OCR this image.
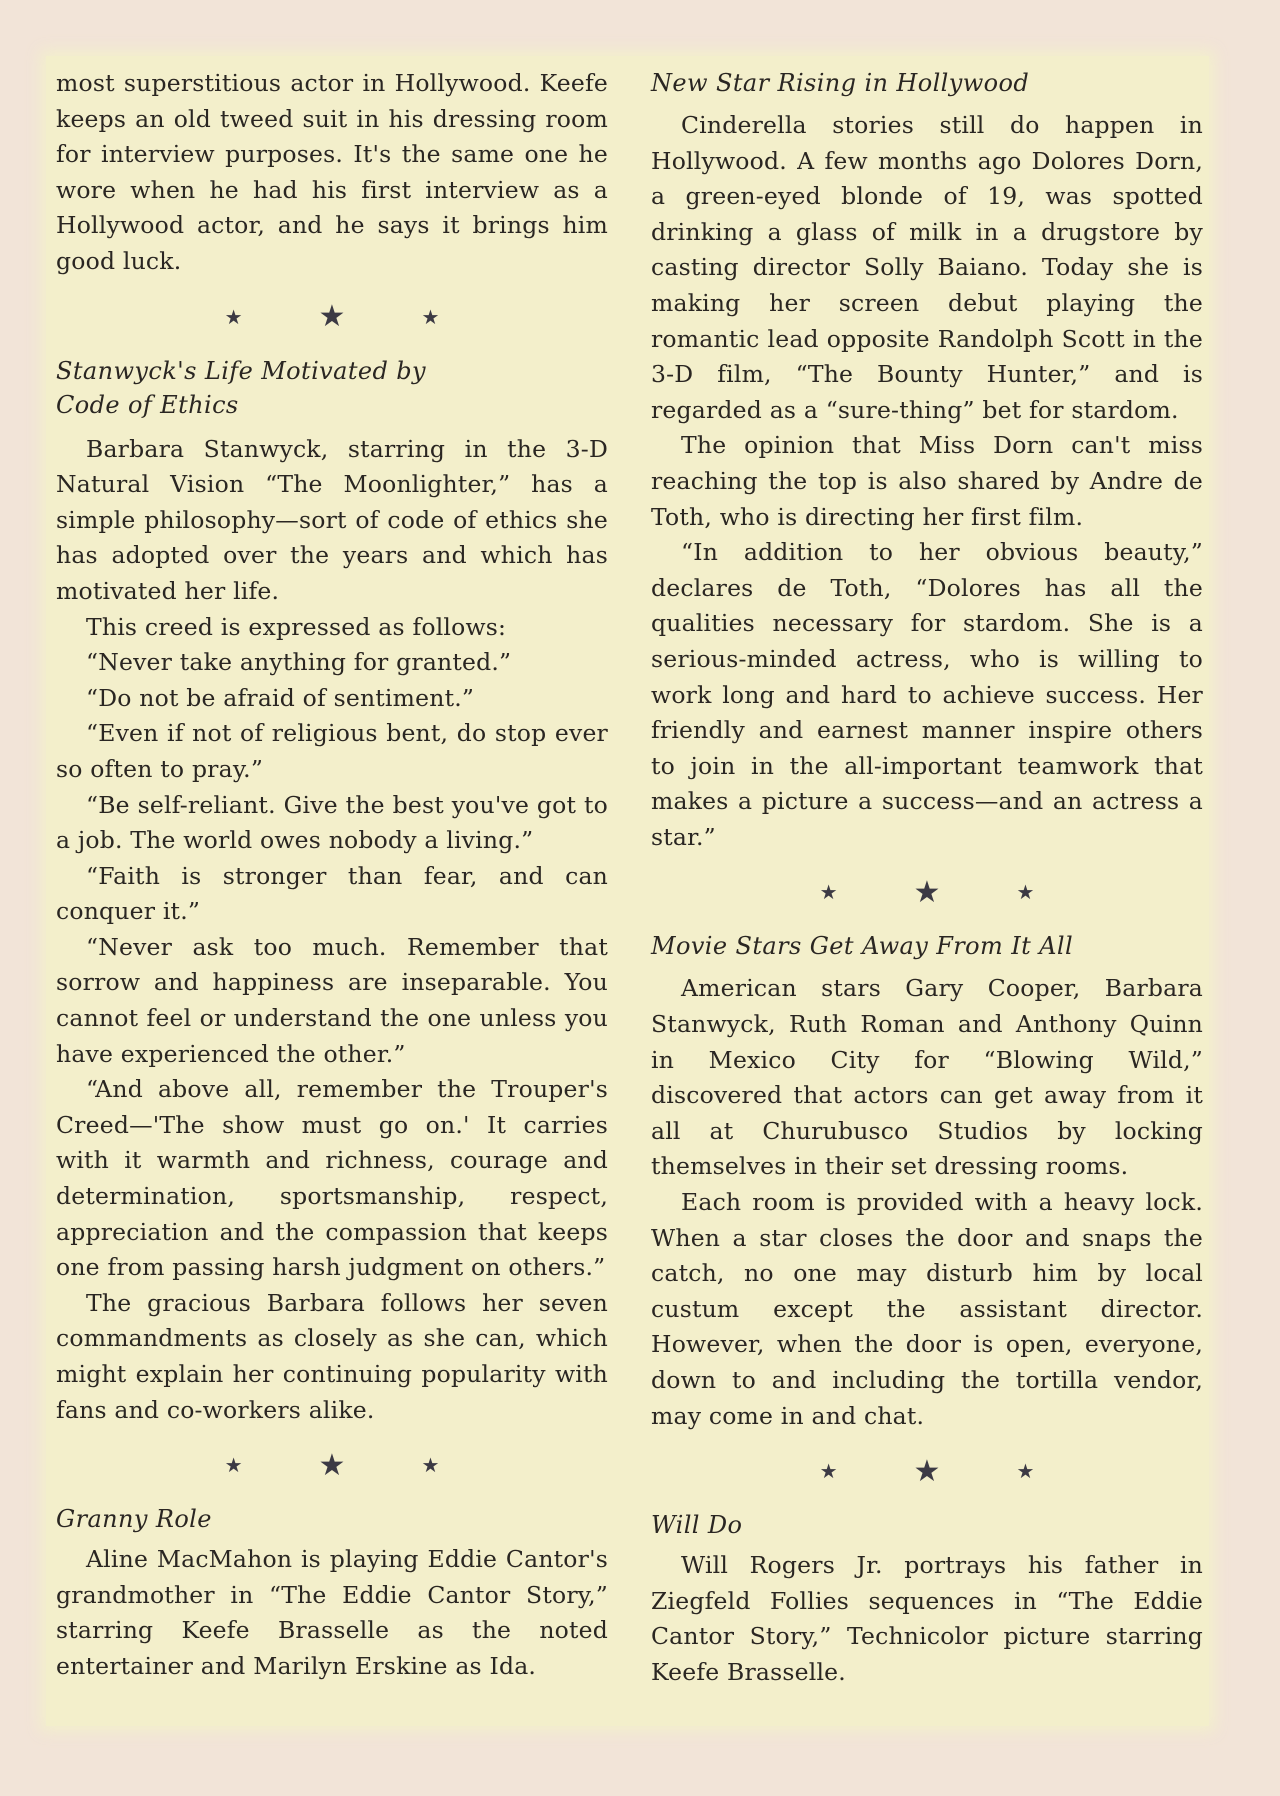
most superstitious actor in Hollywood. Keefe keeps an old tweed suit in his dressing room for interview purposes. It's the same one he wore when he had his first interview as a Hollywood actor, and he says it brings him good luck.

★	★	★
Stanwyck's Life Motivated by
Code of Ethics

Barbara Stanwyck, starring in the 3-D Natural Vision “The Moonlighter,” has a simple philosophy—sort of code of ethics she has adopted over the years and which has motivated her life.

This creed is expressed as follows:

“Never take anything for granted.”

“Do not be afraid of sentiment.”

“Even if not of religious bent, do stop ever so often to pray.”

“Be self-reliant. Give the best you've got to a job. The world owes nobody a living.”

“Faith is stronger than fear, and can conquer it.”

“Never ask too much. Remember that sorrow and happiness are inseparable. You cannot feel or understand the one unless you have experienced the other.”

“And above all, remember the Trouper's Creed—'The show must go on.' It carries with it warmth and richness, courage and determination, sportsmanship, respect, appreciation and the compassion that keeps one from passing harsh judgment on others.”

The gracious Barbara follows her seven commandments as closely as she can, which might explain her continuing popularity with fans and co-workers alike.

★	★	★
Granny Role

Aline MacMahon is playing Eddie Cantor's grandmother in “The Eddie Cantor Story,” starring Keefe Brasselle as the noted entertainer and Marilyn Erskine as Ida.

New Star Rising in Hollywood

Cinderella stories still do happen in Hollywood. A few months ago Dolores Dorn, a green-eyed blonde of 19, was spotted drinking a glass of milk in a drugstore by casting director Solly Baiano. Today she is making her screen debut playing the romantic lead opposite Randolph Scott in the 3-D film, “The Bounty Hunter,” and is regarded as a “sure-thing” bet for stardom.

The opinion that Miss Dorn can't miss reaching the top is also shared by Andre de Toth, who is directing her first film.

“In addition to her obvious beauty,” declares de Toth, “Dolores has all the qualities necessary for stardom. She is a serious-minded actress, who is willing to work long and hard to achieve success. Her friendly and earnest manner inspire others to join in the all-important teamwork that makes a picture a success—and an actress a star.”

★	★	★
Movie Stars Get Away From It All

American stars Gary Cooper, Barbara Stanwyck, Ruth Roman and Anthony Quinn in Mexico City for “Blowing Wild,” discovered that actors can get away from it all at Churubusco Studios by locking themselves in their set dressing rooms.

Each room is provided with a heavy lock. When a star closes the door and snaps the catch, no one may disturb him by local custum except the assistant director. However, when the door is open, everyone, down to and including the tortilla vendor, may come in and chat.

★	★	★
Will Do

Will Rogers Jr. portrays his father in Ziegfeld Follies sequences in “The Eddie Cantor Story,” Technicolor picture starring Keefe Brasselle.
